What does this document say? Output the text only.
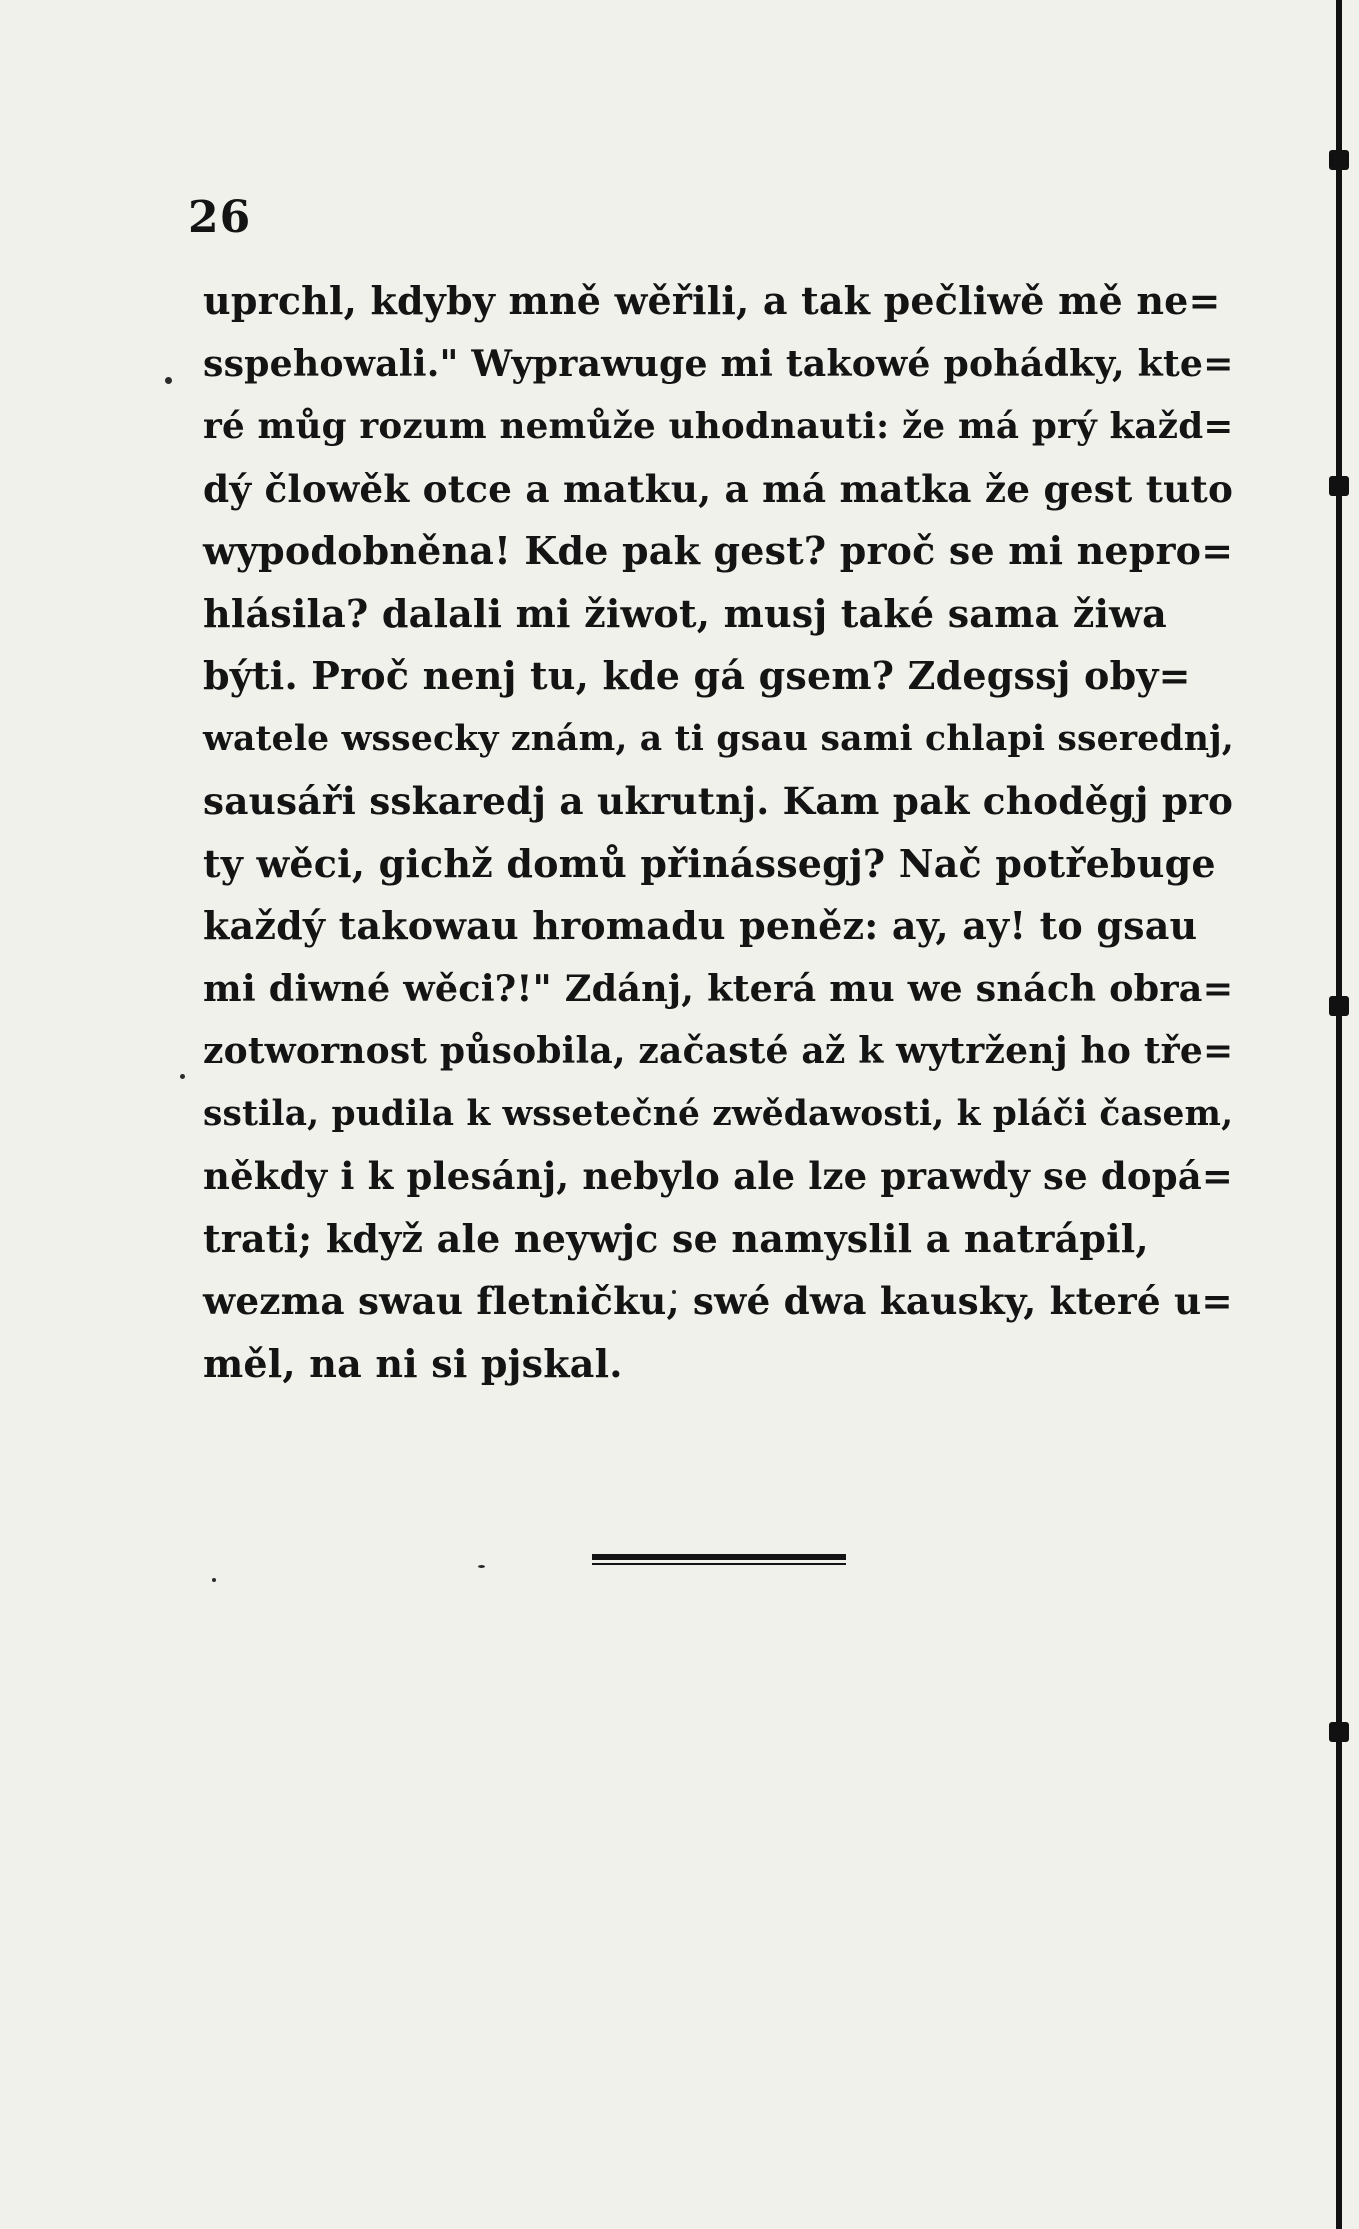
26
uprchl, kdyby mně wěřili, a tak pečliwě mě ne=
sspehowali." Wyprawuge mi takowé pohádky, kte=
ré můg rozum nemůže uhodnauti: že má prý každ=
dý člowěk otce a matku, a má matka že gest tuto
wypodobněna! Kde pak gest? proč se mi nepro=
hlásila? dalali mi žiwot, musj také sama žiwa
býti. Proč nenj tu, kde gá gsem? Zdegssj oby=
watele wssecky znám, a ti gsau sami chlapi sserednj,
sausáři sskaredj a ukrutnj. Kam pak choděgj pro
ty wěci, gichž domů přinássegj? Nač potřebuge
každý takowau hromadu peněz: ay, ay! to gsau
mi diwné wěci?!" Zdánj, která mu we snách obra=
zotwornost působila, začasté až k wytrženj ho tře=
sstila, pudila k wssetečné zwědawosti, k pláči časem,
někdy i k plesánj, nebylo ale lze prawdy se dopá=
trati; když ale neywjc se namyslil a natrápil,
wezma swau fletničku, swé dwa kausky, které u=
měl, na ni si pjskal.
